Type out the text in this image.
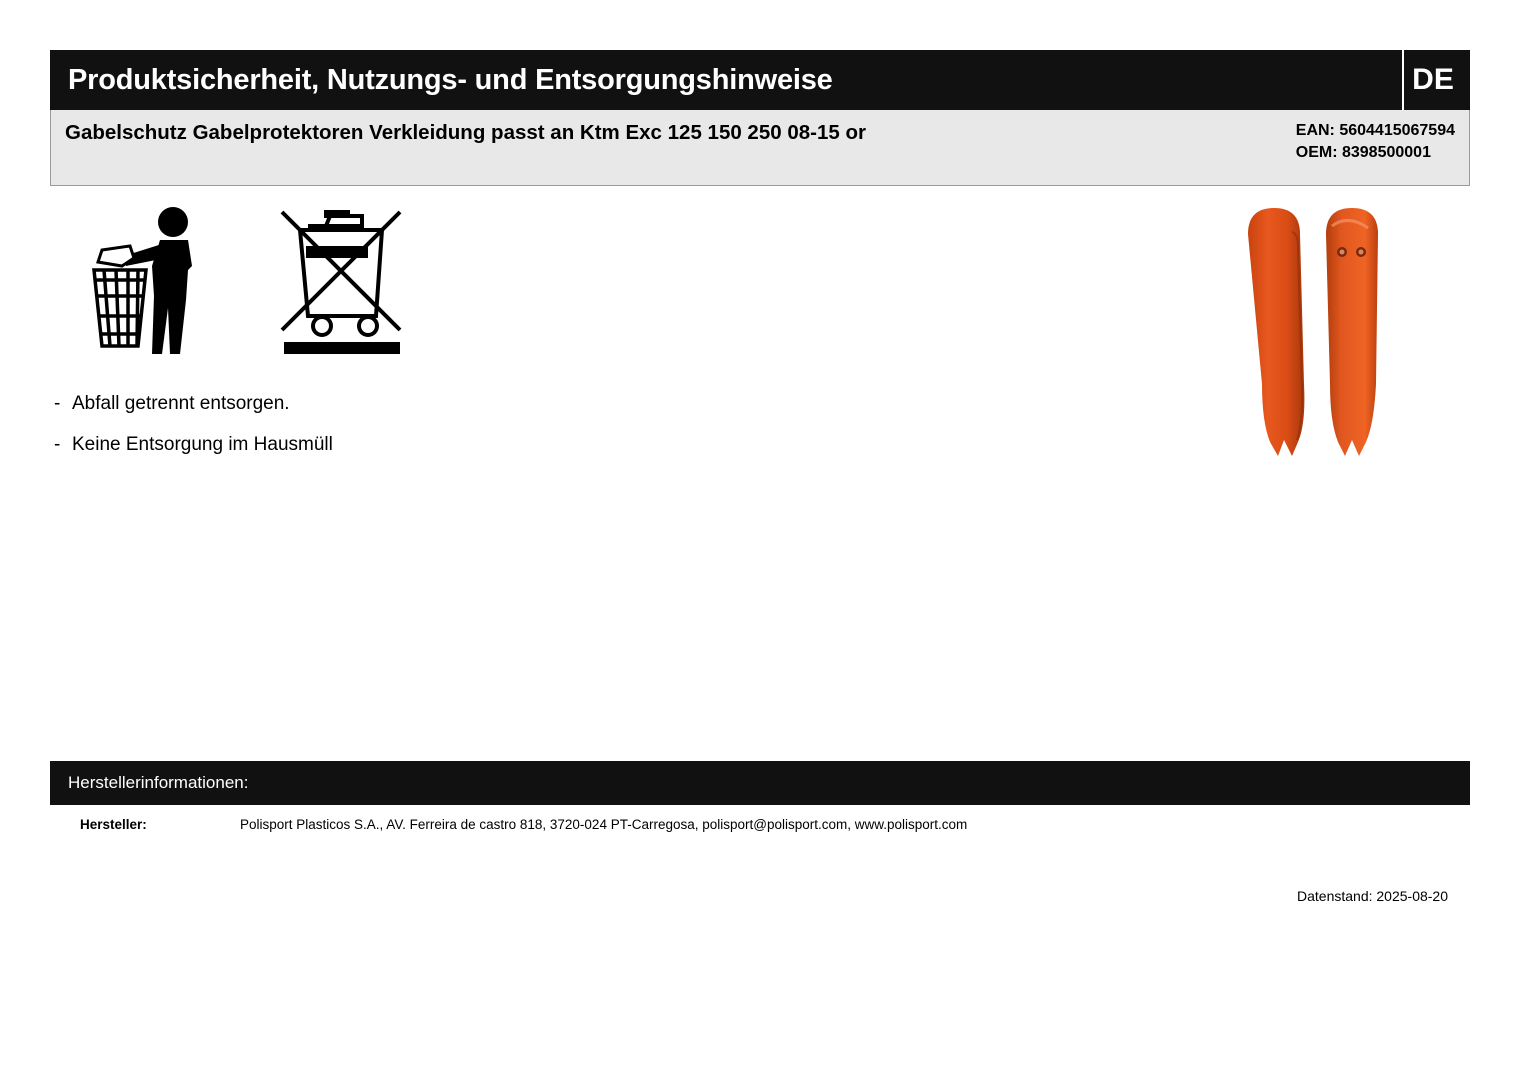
Produktsicherheit, Nutzungs- und Entsorgungshinweise	DE
Gabelschutz Gabelprotektoren Verkleidung passt an Ktm Exc 125 150 250 08-15 or	EAN: 5604415067594
OEM: 8398500001
- Abfall getrennt entsorgen.
- Keine Entsorgung im Hausmüll
Herstellerinformationen:
Hersteller:	Polisport Plasticos S.A., AV. Ferreira de castro 818, 3720-024 PT-Carregosa, polisport@polisport.com, www.polisport.com
Datenstand: 2025-08-20
